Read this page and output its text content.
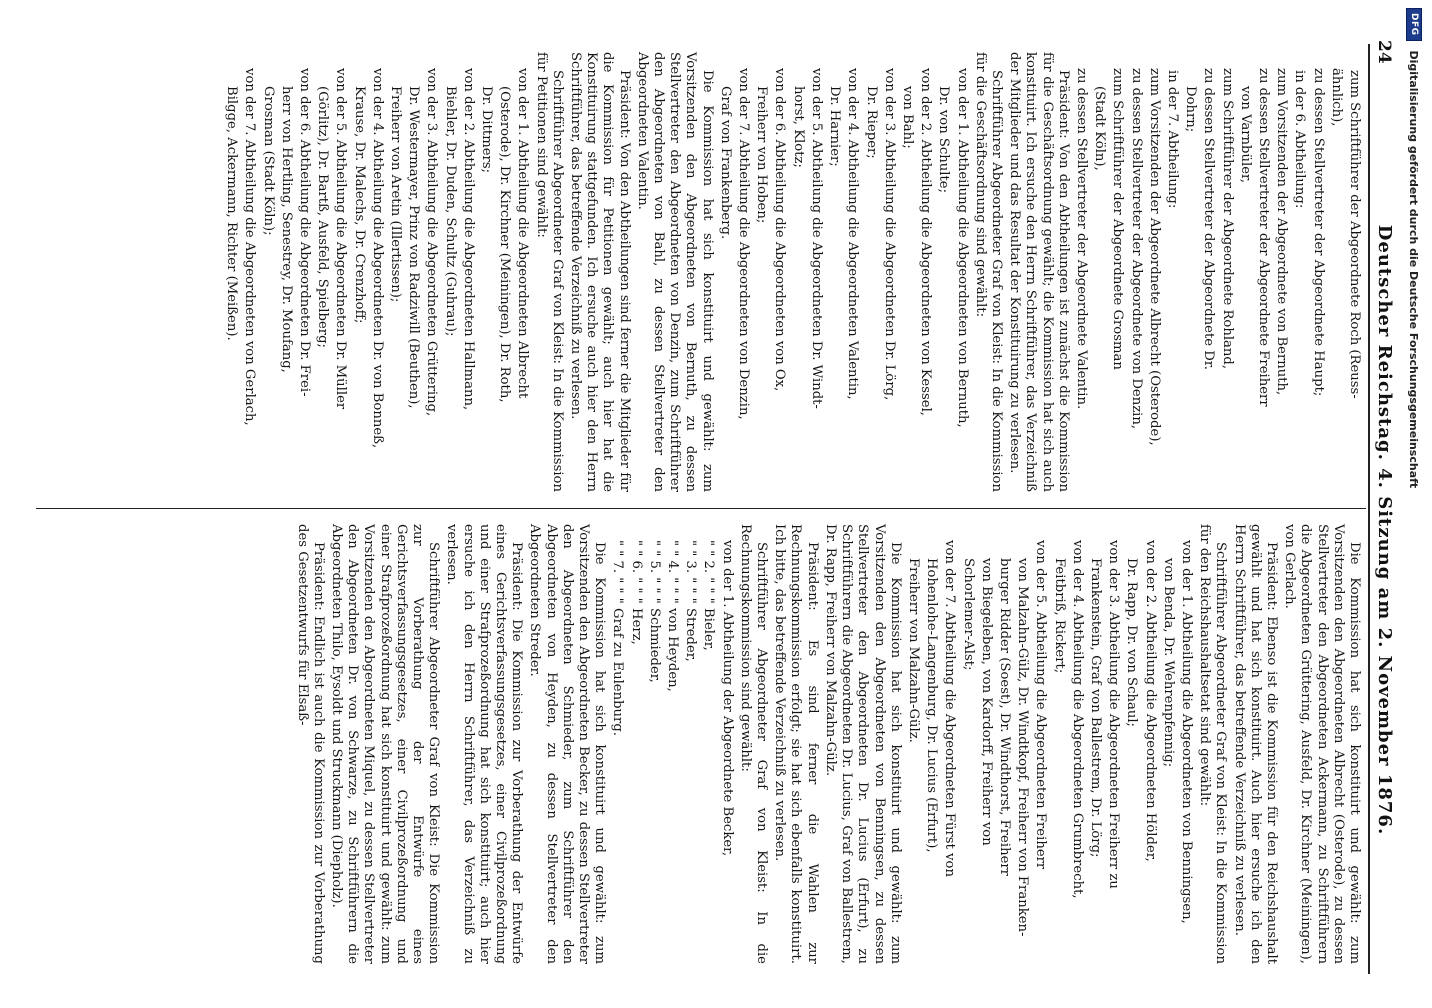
DFG
Digitalisierung gefördert durch die Deutsche Forschungsgemeinschaft
24
Deutscher Reichstag. 4. Sitzung am 2. November 1876.

zum Schriftführer der Abgeordnete Roch (Reuss-

ähnlich),

zu dessen Stellvertreter der Abgeordnete Haupt;

in der 6. Abtheilung:

zum Vorsitzenden der Abgeordnete von Bernuth,

zu dessen Stellvertreter der Abgeordnete Freiherr

von Varnbüler,

zum Schriftführer der Abgeordnete Rohland,

zu dessen Stellvertreter der Abgeordnete Dr.

Dohrn;

in der 7. Abtheilung:

zum Vorsitzenden der Abgeordnete Albrecht (Osterode),

zu dessen Stellvertreter der Abgeordnete von Denzin,

zum Schriftführer der Abgeordnete Grosman

(Stadt Köln),

zu dessen Stellvertreter der Abgeordnete Valentin.

Präsident: Von den Abtheilungen ist zunächst die Kommission für die Geschäftsordnung gewählt; die Kommission hat sich auch konstituirt. Ich ersuche den Herrn Schriftführer, das Verzeichniß der Mitglieder und das Resultat der Konstituirung zu verlesen.

Schriftführer Abgeordneter Graf von Kleist: In die Kommission für die Geschäftsordnung sind gewählt:

von der 1. Abtheilung die Abgeordneten von Bernuth,

Dr. von Schulte;

von der 2. Abtheilung die Abgeordneten von Kessel,

von Bahl;

von der 3. Abtheilung die Abgeordneten Dr. Lörg,

Dr. Rieper;

von der 4. Abtheilung die Abgeordneten Valentin,

Dr. Harnier;

von der 5. Abtheilung die Abgeordneten Dr. Windt-

horst, Klotz;

von der 6. Abtheilung die Abgeordneten von Ox,

Freiherr von Hoben;

von der 7. Abtheilung die Abgeordneten von Denzin,

Graf von Frankenberg.

Die Kommission hat sich konstituirt und gewählt: zum Vorsitzenden den Abgeordneten von Bernuth, zu dessen Stellvertreter den Abgeordneten von Denzin, zum Schriftführer den Abgeordneten von Bahl, zu dessen Stellvertreter den Abgeordneten Valentin.

Präsident: Von den Abtheilungen sind ferner die Mitglieder für die Kommission für Petitionen gewählt; auch hier hat die Konstituirung stattgefunden. Ich ersuche auch hier den Herrn Schriftführer, das betreffende Verzeichniß zu verlesen.

Schriftführer Abgeordneter Graf von Kleist: In die Kommission für Petitionen sind gewählt:

von der 1. Abtheilung die Abgeordneten Albrecht

(Osterode), Dr. Kirchner (Meiningen), Dr. Roth,

Dr. Dittmers;

von der 2. Abtheilung die Abgeordneten Hallmann,

Biehler, Dr. Duden, Schultz (Guhrau);

von der 3. Abtheilung die Abgeordneten Grüttering,

Dr. Westermayer, Prinz von Radziwill (Beuthen),

Freiherr von Aretin (Illertissen);

von der 4. Abtheilung die Abgeordneten Dr. von Bonneß,

Krause, Dr. Malechs, Dr. Crenzhoff;

von der 5. Abtheilung die Abgeordneten Dr. Müller

(Görlitz), Dr. Bartß, Ausfeld, Spielberg;

von der 6. Abtheilung die Abgeordneten Dr. Frei-

herr von Hertling, Senestrey, Dr. Moufang,

Grosman (Stadt Köln);

von der 7. Abtheilung die Abgeordneten von Gerlach,

Bilgge, Ackermann, Richter (Meißen).

Die Kommission hat sich konstituirt und gewählt: zum Vorsitzenden den Abgeordneten Albrecht (Osterode), zu dessen Stellvertreter den Abgeordneten Ackermann, zu Schriftführern die Abgeordneten Grüttering, Ausfeld, Dr. Kirchner (Meiningen), von Gerlach.

Präsident: Ebenso ist die Kommission für den Reichshaushalt gewählt und hat sich konstituirt. Auch hier ersuche ich den Herrn Schriftführer, das betreffende Verzeichniß zu verlesen.

Schriftführer Abgeordneter Graf von Kleist: In die Kommission für den Reichshaushaltsetat sind gewählt:

von der 1. Abtheilung die Abgeordneten von Benningsen,

von Benda, Dr. Wehrenpfennig;

von der 2. Abtheilung die Abgeordneten Hölder,

Dr. Rapp, Dr. von Schaul;

von der 3. Abtheilung die Abgeordneten Freiherr zu

Frankenstein, Graf von Ballestrem, Dr. Lörg;

von der 4. Abtheilung die Abgeordneten Grumbrecht,

Feitbriß, Rickert;

von der 5. Abtheilung die Abgeordneten Freiherr

von Malzahn-Gülz, Dr. Windtkopf, Freiherr von Franken-

burger Ridder (Soest), Dr. Windthorst, Freiherr

von Biegeleben, von Kardorff, Freiherr von

Schorlemer-Alst;

von der 7. Abtheilung die Abgeordneten Fürst von

Hohenlohe-Langenburg, Dr. Lucius (Erfurt),

Freiherr von Malzahn-Gülz.

Die Kommission hat sich konstituirt und gewählt: zum Vorsitzenden den Abgeordneten von Benningsen, zu dessen Stellvertreter den Abgeordneten Dr. Lucius (Erfurt), zu Schriftführern die Abgeordneten Dr. Lucius, Graf von Ballestrem, Dr. Rapp, Freiherr von Malzahn-Gülz.

Präsident: Es sind ferner die Wahlen zur Rechnungskommission erfolgt; sie hat sich ebenfalls konstituirt. Ich bitte, das betreffende Verzeichniß zu verlesen.

Schriftführer Abgeordneter Graf von Kleist: In die Rechnungskommission sind gewählt:

von der 1. Abtheilung der Abgeordnete Becker,

" " 2. " " " Bieler,

" " 3. " " " Streder,

" " 4. " " " von Heyden,

" " 5. " " " Schmieder,

" " 6. " " " Herz,

" " 7. " " " Graf zu Eulenburg.

Die Kommission hat sich konstituirt und gewählt: zum Vorsitzenden den Abgeordneten Becker, zu dessen Stellvertreter den Abgeordneten Schmieder, zum Schriftführer den Abgeordneten von Heyden, zu dessen Stellvertreter den Abgeordneten Streder.

Präsident: Die Kommission zur Vorberathung der Entwürfe eines Gerichtsverfassungsgesetzes, einer Civilprozeßordnung und einer Strafprozeßordnung hat sich konstituirt; auch hier ersuche ich den Herrn Schriftführer, das Verzeichniß zu verlesen.

Schriftführer Abgeordneter Graf von Kleist: Die Kommission zur Vorberathung der Entwürfe eines Gerichtsverfassungsgesetzes, einer Civilprozeßordnung und einer Strafprozeßordnung hat sich konstituirt und gewählt: zum Vorsitzenden den Abgeordneten Miquel, zu dessen Stellvertreter den Abgeordneten Dr. von Schwarze, zu Schriftführern die Abgeordneten Thilo, Eysoldt und Struckmann (Diepholz).

Präsident: Endlich ist auch die Kommission zur Vorberathung des Gesetzentwurfs für Elsaß-
